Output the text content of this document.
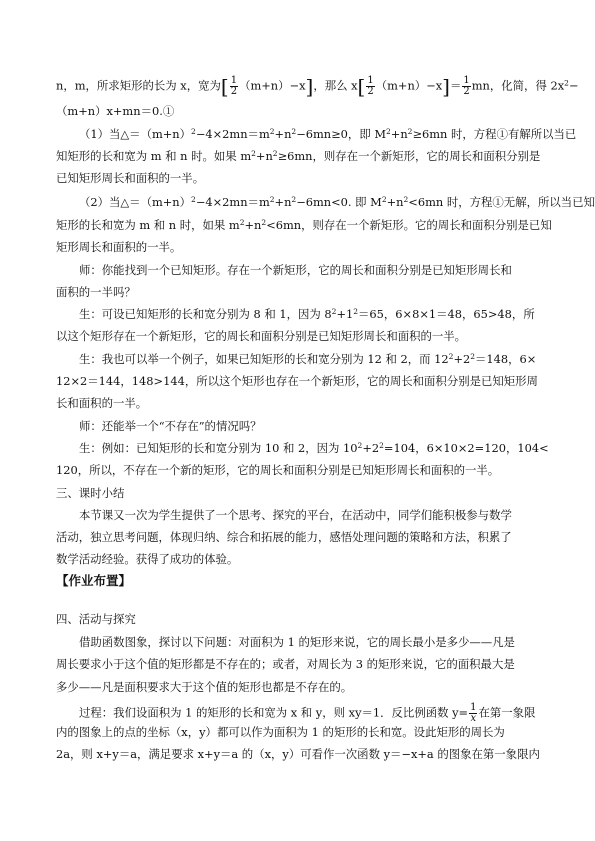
n，m，所求矩形的长为 x，宽为[ $\frac{1}{2} (m+n)-x$]，那么 $x[ \frac{1}{2} (m+n)-x]= \frac{1}{2}$ mn，化简，得 $2x^2-$
（m+n）x+mn＝0.①
（1）当$\triangle=(m+n)^2-4\times 2mn=m^2+n^2-6mn\ge 0$，即 $M^2+n^2\ge 6mn$ 时，方程①有解所以当已
知矩形的长和宽为 m 和 n 时。如果 $m^2+n^2\ge 6mn$，则存在一个新矩形，它的周长和面积分别是
已知矩形周长和面积的一半。
（2）当$\triangle=(m+n)^2-4\times 2mn=m^2+n^2-6mn<0$. 即 $M^2+n^2<6mn$ 时，方程①无解，所以当已知
矩形的长和宽为 m 和 n 时，如果 $m^2+n^2<6mn$，则存在一个新矩形。它的周长和面积分别是已知
矩形周长和面积的一半。
师：你能找到一个已知矩形。存在一个新矩形，它的周长和面积分别是已知矩形周长和
面积的一半吗？
生：可设已知矩形的长和宽分别为 8 和 1，因为 $8^2+1^2=65$，6×8×1＝48，65>48，所
以这个矩形存在一个新矩形，它的周长和面积分别是已知矩形周长和面积的一半。
生：我也可以举一个例子，如果已知矩形的长和宽分别为 12 和 2，而 $12^2+2^2=148$，6×
12×2＝144，148>144，所以这个矩形也存在一个新矩形，它的周长和面积分别是已知矩形周
长和面积的一半。
师：还能举一个“不存在”的情况吗？
生：例如：已知矩形的长和宽分别为 10 和 2，因为 $10^2+2^2=104$，6×10×2=120，104<
120，所以，不存在一个新的矩形，它的周长和面积分别是已知矩形周长和面积的一半。
三、课时小结
本节课又一次为学生提供了一个思考、探究的平台，在活动中，同学们能积极参与数学
活动，独立思考问题，体现归纳、综合和拓展的能力，感悟处理问题的策略和方法，积累了
数学活动经验。获得了成功的体验。
【作业布置】
四、活动与探究
借助函数图象，探讨以下问题：对面积为 1 的矩形来说，它的周长最小是多少——凡是
周长要求小于这个值的矩形都是不存在的；或者，对周长为 3 的矩形来说，它的面积最大是
多少——凡是面积要求大于这个值的矩形也都是不存在的。
过程：我们设面积为 1 的矩形的长和宽为 x 和 y，则 xy＝1．反比例函数 $y= \frac{1}{x}$ 在第一象限
内的图象上的点的坐标（x，y）都可以作为面积为 1 的矩形的长和宽。设此矩形的周长为
2a，则 x+y＝a，满足要求 x+y＝a 的（x，y）可看作一次函数 y＝−x+a 的图象在第一象限内
